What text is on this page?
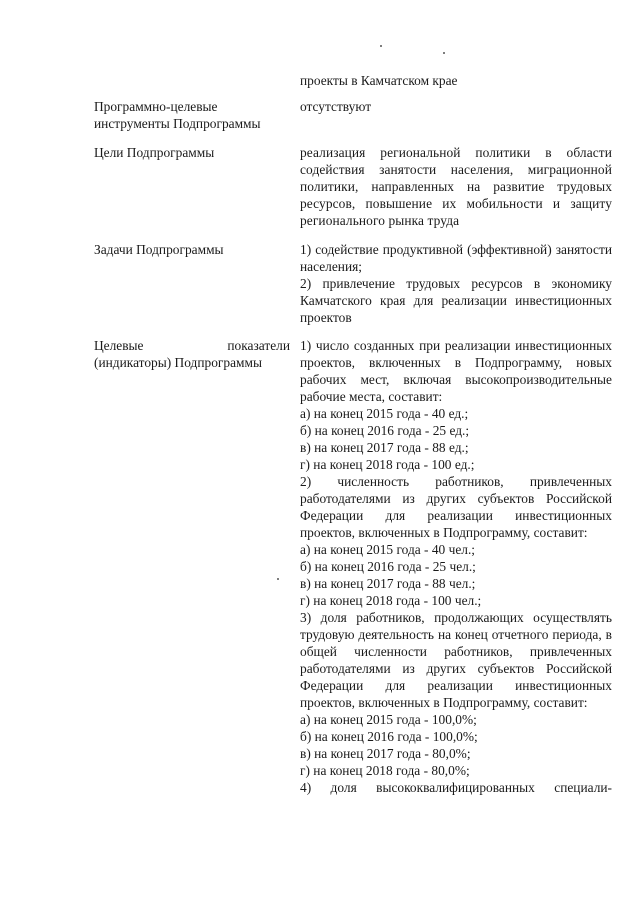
проекты в Камчатском крае
Программно-целевые инструменты Подпрограммы
отсутствуют
Цели Подпрограммы	реализация региональной политики в области содействия занятости населения, миграционной политики, направленных на развитие трудовых ресурсов, повышение их мобильности и защиту регионального рынка труда
Задачи Подпрограммы	1) содействие продуктивной (эффективной) занятости населения;
2) привлечение трудовых ресурсов в экономику Камчатского края для реализации инвестиционных проектов
Целевые показатели (индикаторы) Подпрограммы
1) число созданных при реализации инвестиционных проектов, включенных в Подпрограмму, новых рабочих мест, включая высокопроизводительные рабочие места, составит:
а) на конец 2015 года - 40 ед.;
б) на конец 2016 года - 25 ед.;
в) на конец 2017 года - 88 ед.;
г) на конец 2018 года - 100 ед.;
2) численность работников, привлеченных работодателями из других субъектов Российской Федерации для реализации инвестиционных проектов, включенных в Подпрограмму, составит:
а) на конец 2015 года - 40 чел.;
б) на конец 2016 года - 25 чел.;
в) на конец 2017 года - 88 чел.;
г) на конец 2018 года - 100 чел.;
3) доля работников, продолжающих осуществлять трудовую деятельность на конец отчетного периода, в общей численности работников, привлеченных работодателями из других субъектов Российской Федерации для реализации инвестиционных проектов, включенных в Подпрограмму, составит:
а) на конец 2015 года - 100,0%;
б) на конец 2016 года - 100,0%;
в) на конец 2017 года - 80,0%;
г) на конец 2018 года - 80,0%;
4) доля высококвалифицированных специали-
